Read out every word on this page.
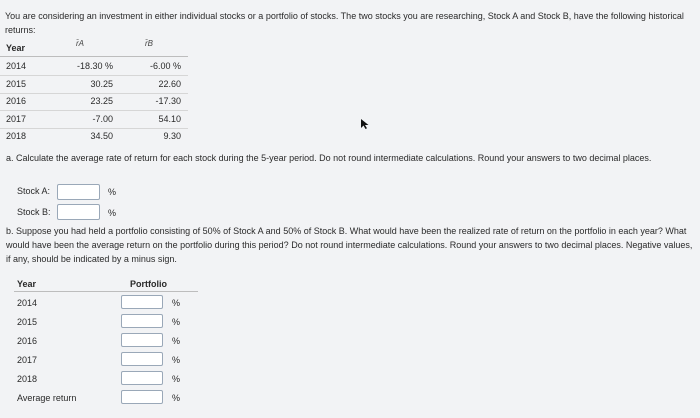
You are considering an investment in either individual stocks or a portfolio of stocks. The two stocks you are researching, Stock A and Stock B, have the following historical returns:
Year	r̄A	r̄B
2014	-18.30 %	-6.00 %
2015	30.25	22.60
2016	23.25	-17.30
2017	-7.00	54.10
2018	34.50	9.30
a. Calculate the average rate of return for each stock during the 5-year period. Do not round intermediate calculations. Round your answers to two decimal places.
Stock A:	%
Stock B:	%
b. Suppose you had held a portfolio consisting of 50% of Stock A and 50% of Stock B. What would have been the realized rate of return on the portfolio in each year? What would have been the average return on the portfolio during this period? Do not round intermediate calculations. Round your answers to two decimal places. Negative values, if any, should be indicated by a minus sign.
Year	Portfolio
2014	%
2015	%
2016	%
2017	%
2018	%
Average return	%
